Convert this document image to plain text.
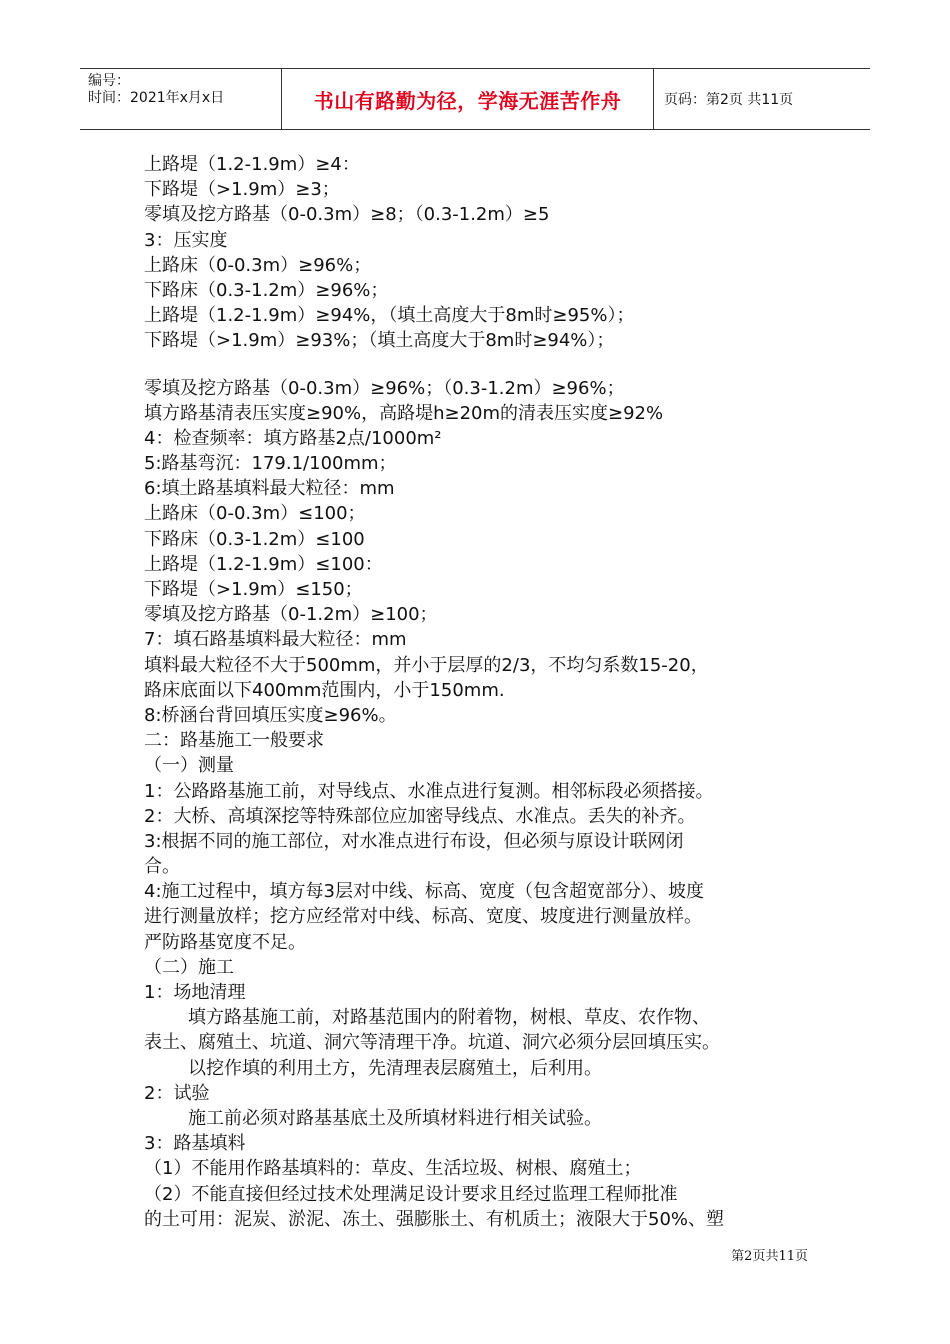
编号：
时间：2021年x月x日	书山有路勤为径，学海无涯苦作舟	页码：第2页 共11页
上路堤（1.2-1.9m）≥4：
下路堤（>1.9m）≥3；
零填及挖方路基（0-0.3m）≥8；（0.3-1.2m）≥5
3：压实度
上路床（0-0.3m）≥96%；
下路床（0.3-1.2m）≥96%；
上路堤（1.2-1.9m）≥94%，（填土高度大于8m时≥95%）；
下路堤（>1.9m）≥93%；（填土高度大于8m时≥94%）；
零填及挖方路基（0-0.3m）≥96%；（0.3-1.2m）≥96%；
填方路基清表压实度≥90%，高路堤h≥20m的清表压实度≥92%
4：检查频率：填方路基2点/1000m²
5:路基弯沉：179.1/100mm；
6:填土路基填料最大粒径：mm
上路床（0-0.3m）≤100；
下路床（0.3-1.2m）≤100
上路堤（1.2-1.9m）≤100：
下路堤（>1.9m）≤150；
零填及挖方路基（0-1.2m）≥100；
7：填石路基填料最大粒径：mm
填料最大粒径不大于500mm，并小于层厚的2/3，不均匀系数15-20，
路床底面以下400mm范围内，小于150mm.
8:桥涵台背回填压实度≥96%。
二：路基施工一般要求
（一）测量
1：公路路基施工前，对导线点、水准点进行复测。相邻标段必须搭接。
2：大桥、高填深挖等特殊部位应加密导线点、水准点。丢失的补齐。
3:根据不同的施工部位，对水准点进行布设，但必须与原设计联网闭
合。
4:施工过程中，填方每3层对中线、标高、宽度（包含超宽部分）、坡度
进行测量放样；挖方应经常对中线、标高、宽度、坡度进行测量放样。
严防路基宽度不足。
（二）施工
1：场地清理
填方路基施工前，对路基范围内的附着物，树根、草皮、农作物、
表土、腐殖土、坑道、洞穴等清理干净。坑道、洞穴必须分层回填压实。
以挖作填的利用土方，先清理表层腐殖土，后利用。
2：试验
施工前必须对路基基底土及所填材料进行相关试验。
3：路基填料
（1）不能用作路基填料的：草皮、生活垃圾、树根、腐殖土；
（2）不能直接但经过技术处理满足设计要求且经过监理工程师批准
的土可用：泥炭、淤泥、冻土、强膨胀土、有机质土；液限大于50%、塑
第2页共11页
